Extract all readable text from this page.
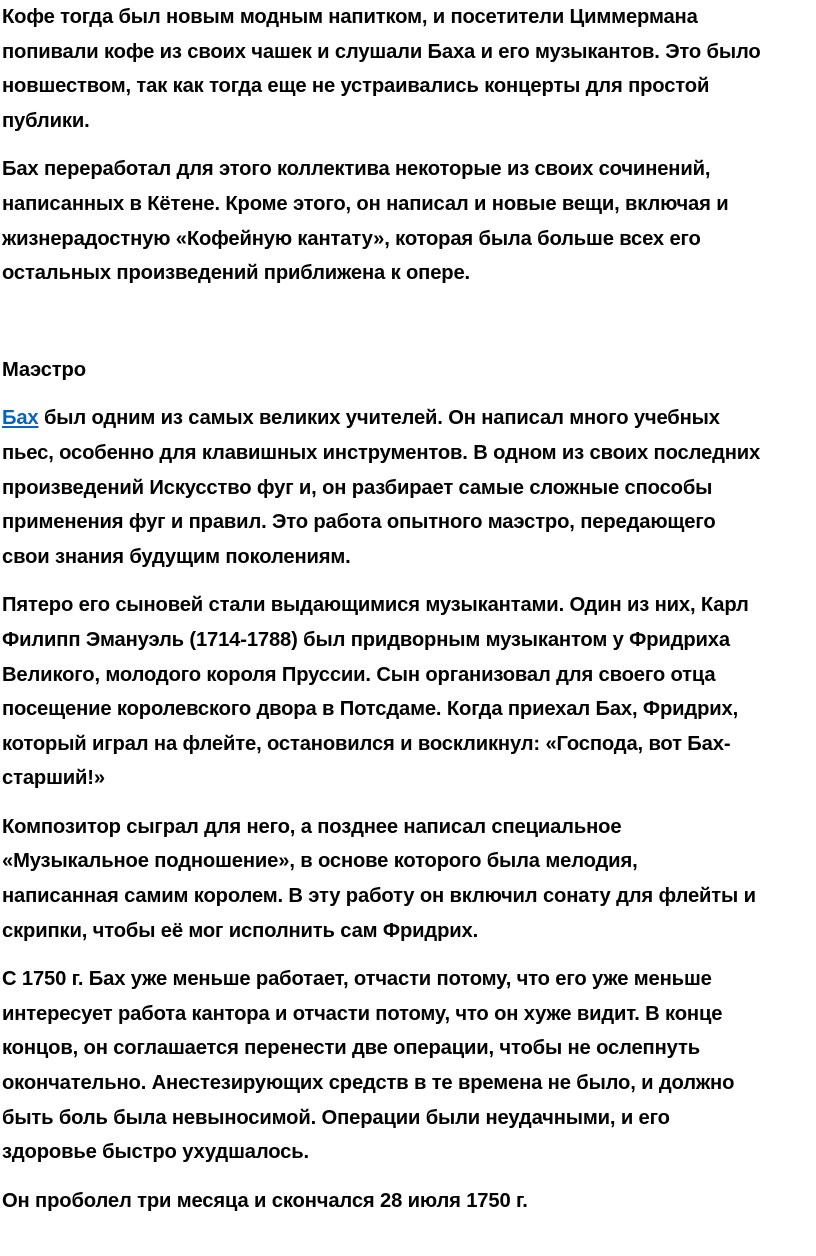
Кофе тогда был новым модным напитком, и посетители Циммермана
попивали кофе из своих чашек и слушали Баха и его музыкантов. Это было
новшеством, так как тогда еще не устраивались концерты для простой
публики.
Бах переработал для этого коллектива некоторые из своих сочинений,
написанных в Кётене. Кроме этого, он написал и новые вещи, включая и
жизнерадостную «Кофейную кантату», которая была больше всех его
остальных произведений приближена к опере.
Маэстро
Бах был одним из самых великих учителей. Он написал много учебных
пьес, особенно для клавишных инструментов. В одном из своих последних
произведений Искусство фуг и, он разбирает самые сложные способы
применения фуг и правил. Это работа опытного маэстро, передающего
свои знания будущим поколениям.
Пятеро его сыновей стали выдающимися музыкантами. Один из них, Карл
Филипп Эмануэль (1714-1788) был придворным музыкантом у Фридриха
Великого, молодого короля Пруссии. Сын организовал для своего отца
посещение королевского двора в Потсдаме. Когда приехал Бах, Фридрих,
который играл на флейте, остановился и воскликнул: «Господа, вот Бах-
старший!»
Композитор сыграл для него, а позднее написал специальное
«Музыкальное подношение», в основе которого была мелодия,
написанная самим королем. В эту работу он включил сонату для флейты и
скрипки, чтобы её мог исполнить сам Фридрих.
С 1750 г. Бах уже меньше работает, отчасти потому, что его уже меньше
интересует работа кантора и отчасти потому, что он хуже видит. В конце
концов, он соглашается перенести две операции, чтобы не ослепнуть
окончательно. Анестезирующих средств в те времена не было, и должно
быть боль была невыносимой. Операции были неудачными, и его
здоровье быстро ухудшалось.
Он проболел три месяца и скончался 28 июля 1750 г.
